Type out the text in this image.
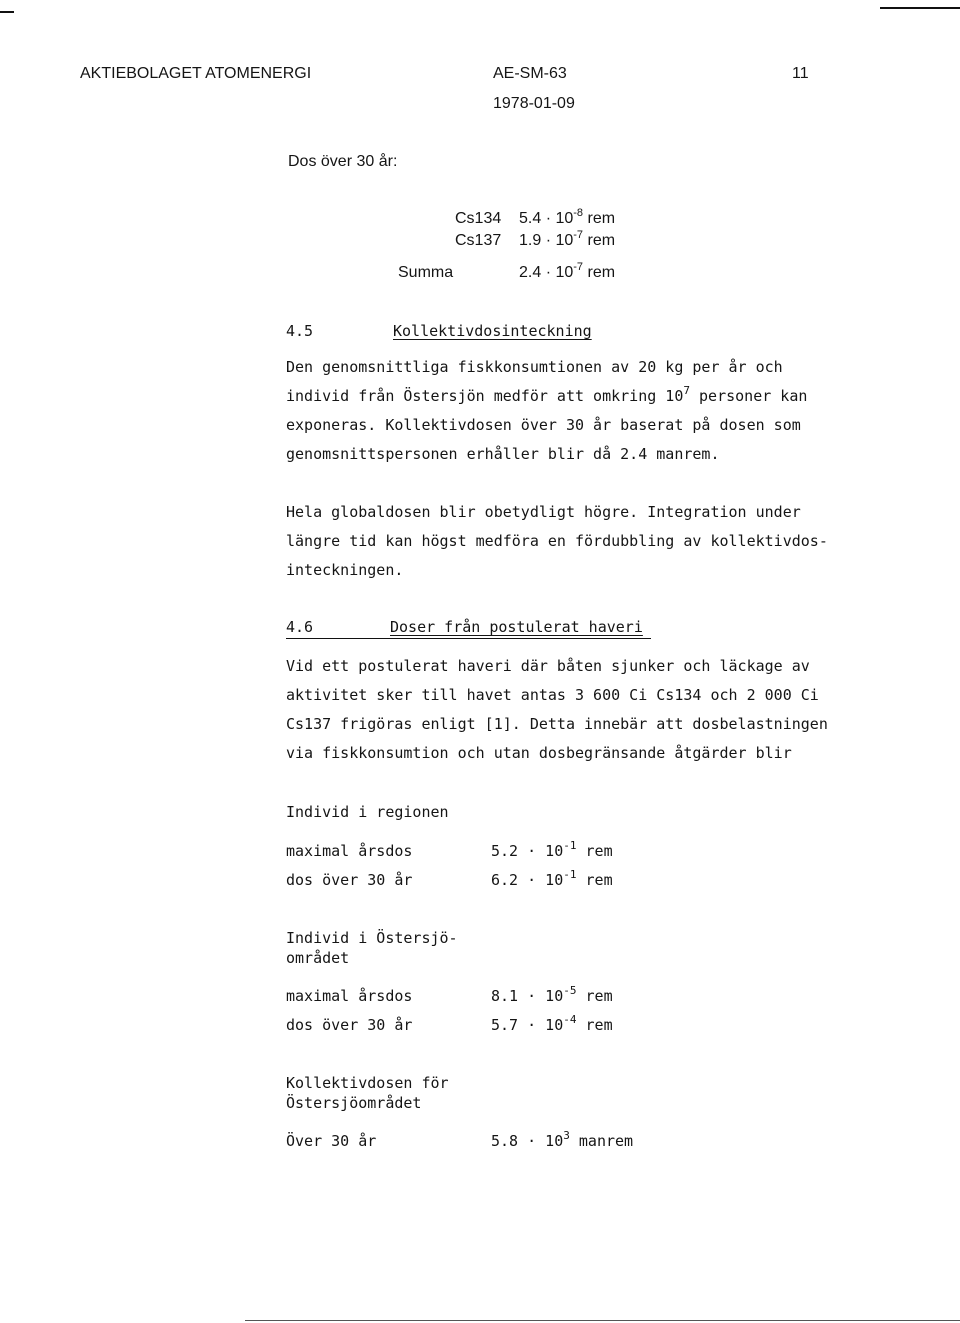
AKTIEBOLAGET ATOMENERGI	AE-SM-63	11
1978-01-09
Dos över 30 år:
Cs134 $5.4 \cdot 10^{-8}$ rem
Cs137 $1.9 \cdot 10^{-7}$ rem
Summa	$2.4 \cdot 10^{-7}$ rem
4.5	Kollektivdosinteckning
Den genomsnittliga fiskkonsumtionen av 20 kg per år och
individ från Östersjön medför att omkring $10^7$ personer kan
exponeras. Kollektivdosen över 30 år baserat på dosen som
genomsnittspersonen erhåller blir då 2.4 manrem.
Hela globaldosen blir obetydligt högre. Integration under
längre tid kan högst medföra en fördubbling av kollektivdos-
inteckningen.
4.6	Doser från postulerat haveri
Vid ett postulerat haveri där båten sjunker och läckage av
aktivitet sker till havet antas 3 600 Ci Cs134 och 2 000 Ci
Cs137 frigöras enligt [1]. Detta innebär att dosbelastningen
via fiskkonsumtion och utan dosbegränsande åtgärder blir
Individ i regionen
maximal årsdos	$5.2 \cdot 10^{-1}$ rem
dos över 30 år	$6.2 \cdot 10^{-1}$ rem
Individ i Östersjö-
området
maximal årsdos	$8.1 \cdot 10^{-5}$ rem
dos över 30 år	$5.7 \cdot 10^{-4}$ rem
Kollektivdosen för
Östersjöområdet
Över 30 år	$5.8 \cdot 10^3$ manrem
